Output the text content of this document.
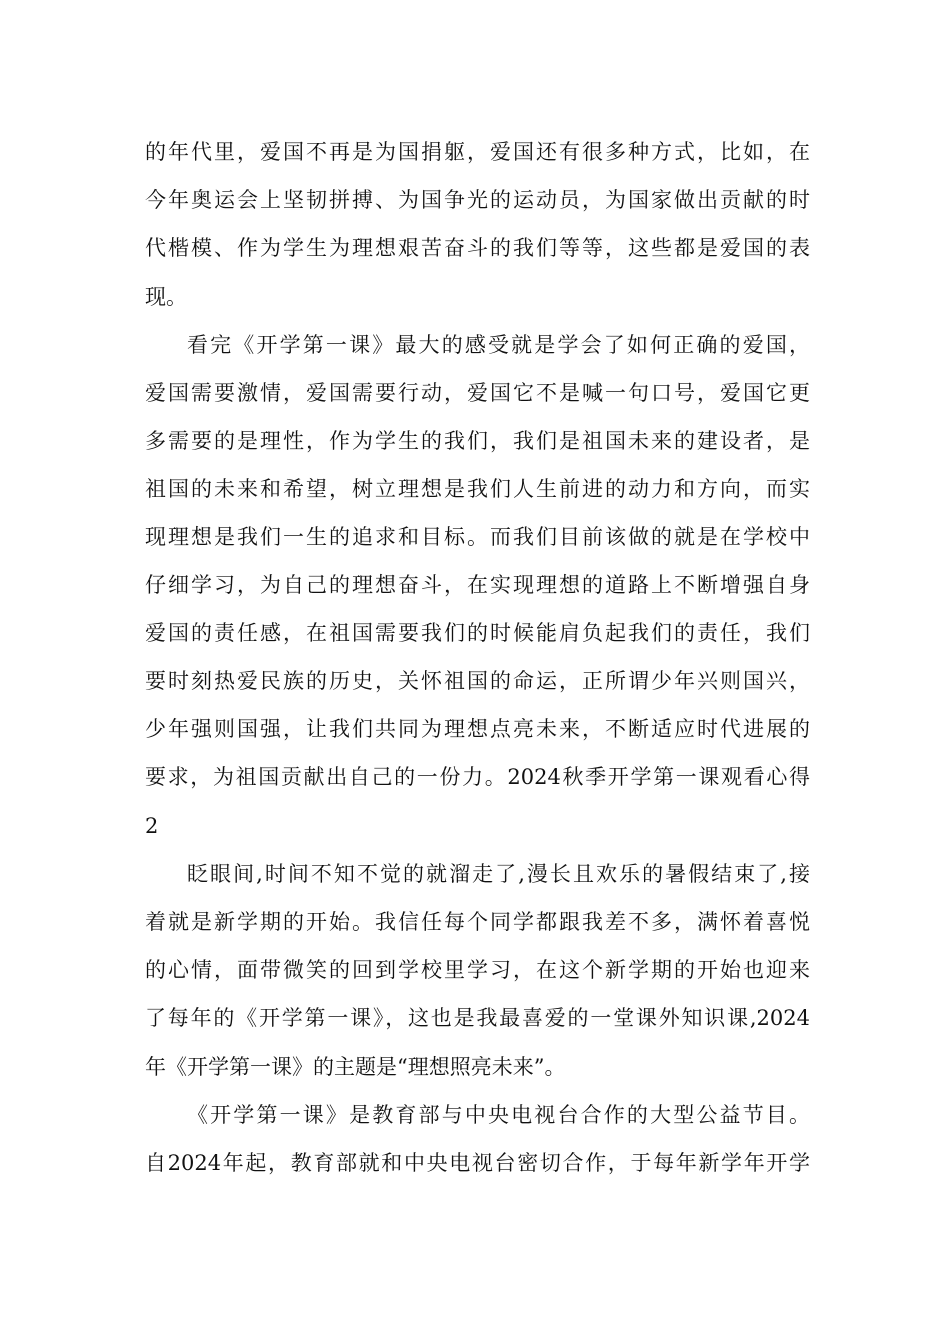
的年代里，爱国不再是为国捐躯，爱国还有很多种方式，比如，在
今年奥运会上坚韧拼搏、为国争光的运动员，为国家做出贡献的时
代楷模、作为学生为理想艰苦奋斗的我们等等，这些都是爱国的表
现。
看完《开学第一课》最大的感受就是学会了如何正确的爱国，
爱国需要激情，爱国需要行动，爱国它不是喊一句口号，爱国它更
多需要的是理性，作为学生的我们，我们是祖国未来的建设者，是
祖国的未来和希望，树立理想是我们人生前进的动力和方向，而实
现理想是我们一生的追求和目标。而我们目前该做的就是在学校中
仔细学习，为自己的理想奋斗，在实现理想的道路上不断增强自身
爱国的责任感，在祖国需要我们的时候能肩负起我们的责任，我们
要时刻热爱民族的历史，关怀祖国的命运，正所谓少年兴则国兴，
少年强则国强，让我们共同为理想点亮未来，不断适应时代进展的
要求，为祖国贡献出自己的一份力。2024秋季开学第一课观看心得
2
眨眼间,时间不知不觉的就溜走了,漫长且欢乐的暑假结束了,接
着就是新学期的开始。我信任每个同学都跟我差不多，满怀着喜悦
的心情，面带微笑的回到学校里学习，在这个新学期的开始也迎来
了每年的《开学第一课》，这也是我最喜爱的一堂课外知识课,2024
年《开学第一课》的主题是“理想照亮未来”。
《开学第一课》是教育部与中央电视台合作的大型公益节目。
自2024年起，教育部就和中央电视台密切合作，于每年新学年开学
